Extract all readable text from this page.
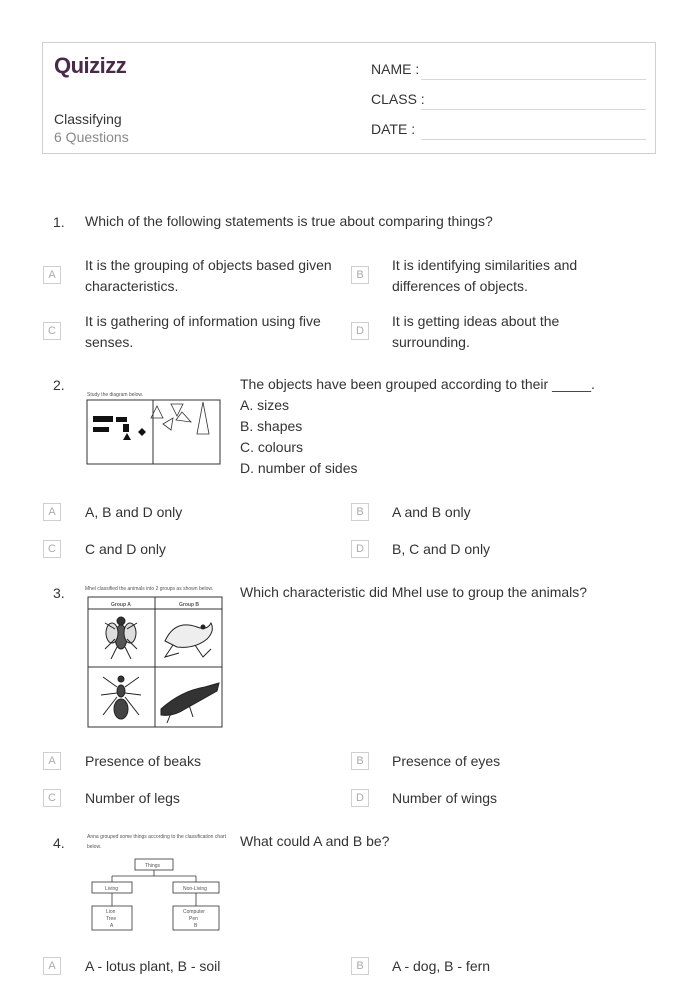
Quizizz
Classifying
6 Questions
NAME :
CLASS :
DATE :
1. Which of the following statements is true about comparing things?
A
It is the grouping of objects based given characteristics.
B
It is identifying similarities and differences of objects.
C
It is gathering of information using five senses.
D
It is getting ideas about the surrounding.
2.
Study the diagram below.
The objects have been grouped according to their _____.
A. sizes
B. shapes
C. colours
D. number of sides
A	A, B and D only	B	A and B only
C	C and D only	D	B, C and D only
3.	Mhel classified the animals into 2 groups as shown below.
Group A	Group B
Which characteristic did Mhel use to group the animals?
A	Presence of beaks	B	Presence of eyes
C	Number of legs	D	Number of wings
4.	Anna grouped some things according to the classification chart
below.
Things
Living	Non-Living
Lion
Tree
A
Computer
Pen
B
What could A and B be?
A	A - lotus plant, B - soil	B	A - dog, B - fern
